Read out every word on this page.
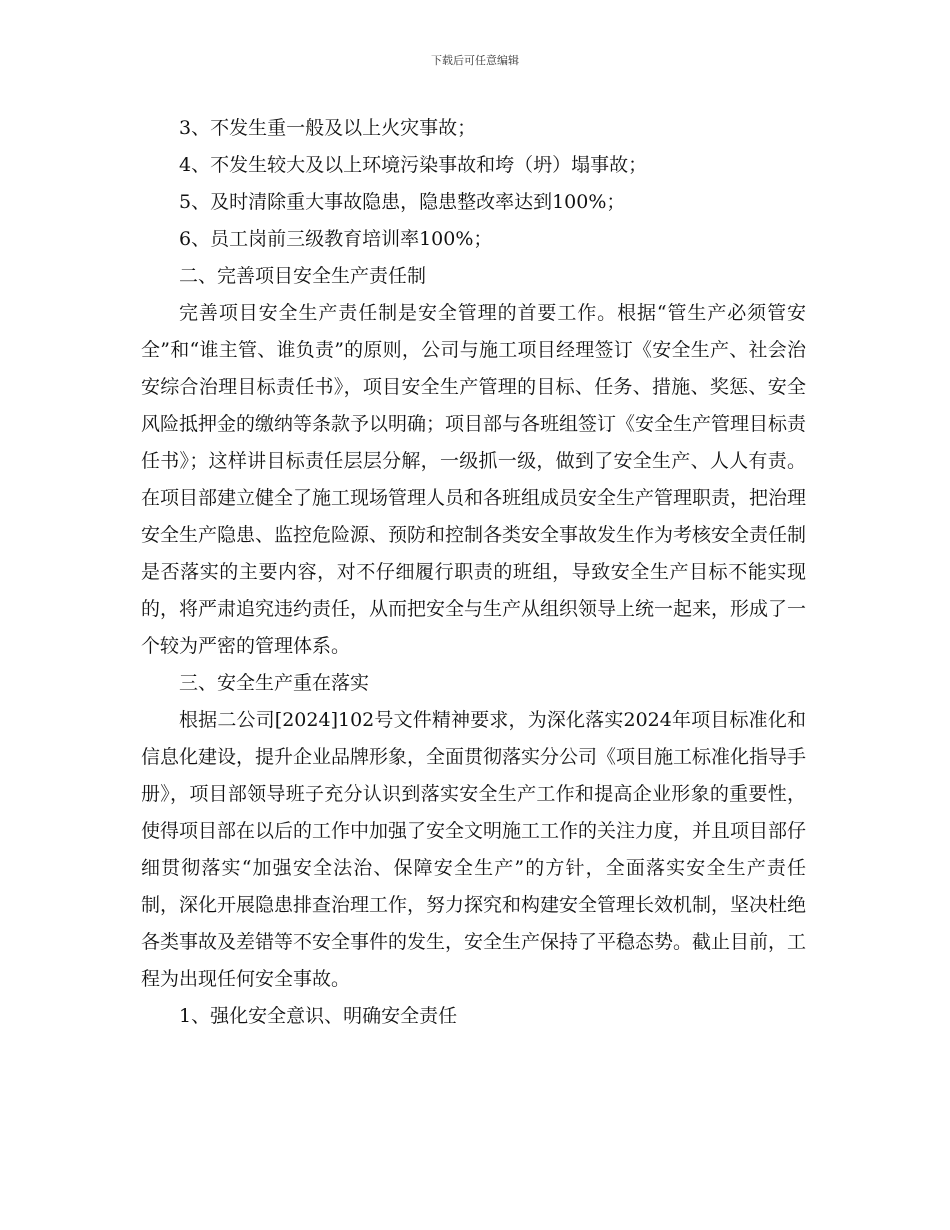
下载后可任意编辑

3、不发生重一般及以上火灾事故；

4、不发生较大及以上环境污染事故和垮（坍）塌事故；

5、及时清除重大事故隐患，隐患整改率达到100%；

6、员工岗前三级教育培训率100%；

二、完善项目安全生产责任制

完善项目安全生产责任制是安全管理的首要工作。根据“管生产必须管安全”和“谁主管、谁负责”的原则，公司与施工项目经理签订《安全生产、社会治安综合治理目标责任书》，项目安全生产管理的目标、任务、措施、奖惩、安全风险抵押金的缴纳等条款予以明确；项目部与各班组签订《安全生产管理目标责任书》；这样讲目标责任层层分解，一级抓一级，做到了安全生产、人人有责。在项目部建立健全了施工现场管理人员和各班组成员安全生产管理职责，把治理安全生产隐患、监控危险源、预防和控制各类安全事故发生作为考核安全责任制是否落实的主要内容，对不仔细履行职责的班组，导致安全生产目标不能实现的，将严肃追究违约责任，从而把安全与生产从组织领导上统一起来，形成了一个较为严密的管理体系。

三、安全生产重在落实

根据二公司[2024]102号文件精神要求，为深化落实2024年项目标准化和信息化建设，提升企业品牌形象，全面贯彻落实分公司《项目施工标准化指导手册》，项目部领导班子充分认识到落实安全生产工作和提高企业形象的重要性，使得项目部在以后的工作中加强了安全文明施工工作的关注力度，并且项目部仔细贯彻落实“加强安全法治、保障安全生产”的方针，全面落实安全生产责任制，深化开展隐患排查治理工作，努力探究和构建安全管理长效机制，坚决杜绝各类事故及差错等不安全事件的发生，安全生产保持了平稳态势。截止目前，工程为出现任何安全事故。

1、强化安全意识、明确安全责任
